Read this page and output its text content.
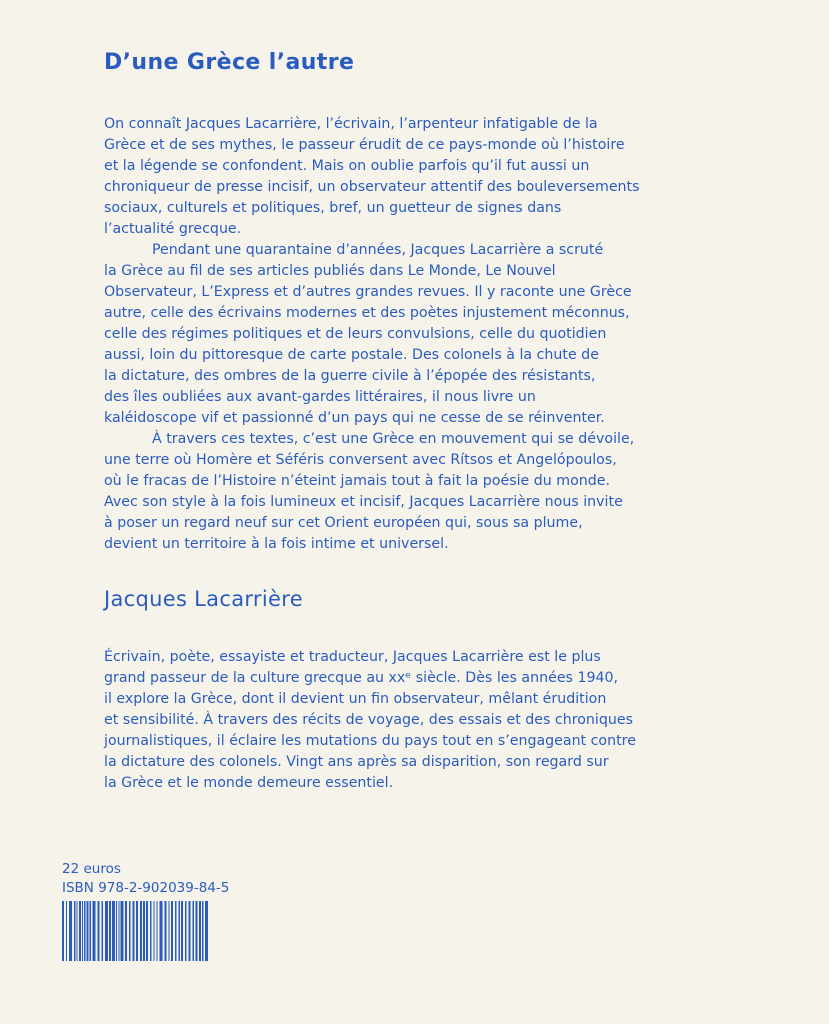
D’une Grèce l’autre
On connaît Jacques Lacarrière, l’écrivain, l’arpenteur infatigable de la
Grèce et de ses mythes, le passeur érudit de ce pays-monde où l’histoire
et la légende se confondent. Mais on oublie parfois qu’il fut aussi un
chroniqueur de presse incisif, un observateur attentif des bouleversements
sociaux, culturels et politiques, bref, un guetteur de signes dans
l’actualité grecque.
Pendant une quarantaine d’années, Jacques Lacarrière a scruté
la Grèce au fil de ses articles publiés dans Le Monde, Le Nouvel
Observateur, L’Express et d’autres grandes revues. Il y raconte une Grèce
autre, celle des écrivains modernes et des poètes injustement méconnus,
celle des régimes politiques et de leurs convulsions, celle du quotidien
aussi, loin du pittoresque de carte postale. Des colonels à la chute de
la dictature, des ombres de la guerre civile à l’épopée des résistants,
des îles oubliées aux avant-gardes littéraires, il nous livre un
kaléidoscope vif et passionné d’un pays qui ne cesse de se réinventer.
À travers ces textes, c’est une Grèce en mouvement qui se dévoile,
une terre où Homère et Séféris conversent avec Rítsos et Angelópoulos,
où le fracas de l’Histoire n’éteint jamais tout à fait la poésie du monde.
Avec son style à la fois lumineux et incisif, Jacques Lacarrière nous invite
à poser un regard neuf sur cet Orient européen qui, sous sa plume,
devient un territoire à la fois intime et universel.
Jacques Lacarrière
Écrivain, poète, essayiste et traducteur, Jacques Lacarrière est le plus
grand passeur de la culture grecque au xxᵉ siècle. Dès les années 1940,
il explore la Grèce, dont il devient un fin observateur, mêlant érudition
et sensibilité. À travers des récits de voyage, des essais et des chroniques
journalistiques, il éclaire les mutations du pays tout en s’engageant contre
la dictature des colonels. Vingt ans après sa disparition, son regard sur
la Grèce et le monde demeure essentiel.
22 euros
ISBN 978-2-902039-84-5
